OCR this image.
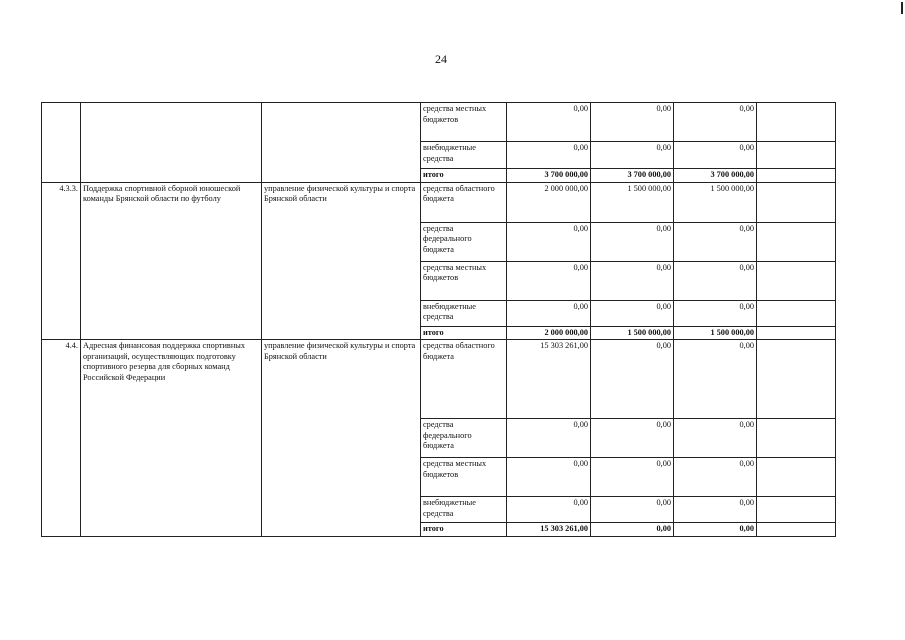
24
			средства местных бюджетов	0,00	0,00	0,00	
			внебюджетные средства	0,00	0,00	0,00	
			итого	3 700 000,00	3 700 000,00	3 700 000,00	
4.3.3.	Поддержка спортивной сборной юношеской команды Брянской области по футболу	управление физической культуры и спорта Брянской области	средства областного бюджета	2 000 000,00	1 500 000,00	1 500 000,00	
			средства федерального бюджета	0,00	0,00	0,00	
			средства местных бюджетов	0,00	0,00	0,00	
			внебюджетные средства	0,00	0,00	0,00	
			итого	2 000 000,00	1 500 000,00	1 500 000,00	
4.4.	Адресная финансовая поддержка спортивных организаций, осуществляющих подготовку спортивного резерва для сборных команд Российской Федерации	управление физической культуры и спорта Брянской области	средства областного бюджета	15 303 261,00	0,00	0,00	
			средства федерального бюджета	0,00	0,00	0,00	
			средства местных бюджетов	0,00	0,00	0,00	
			внебюджетные средства	0,00	0,00	0,00	
			итого	15 303 261,00	0,00	0,00	
